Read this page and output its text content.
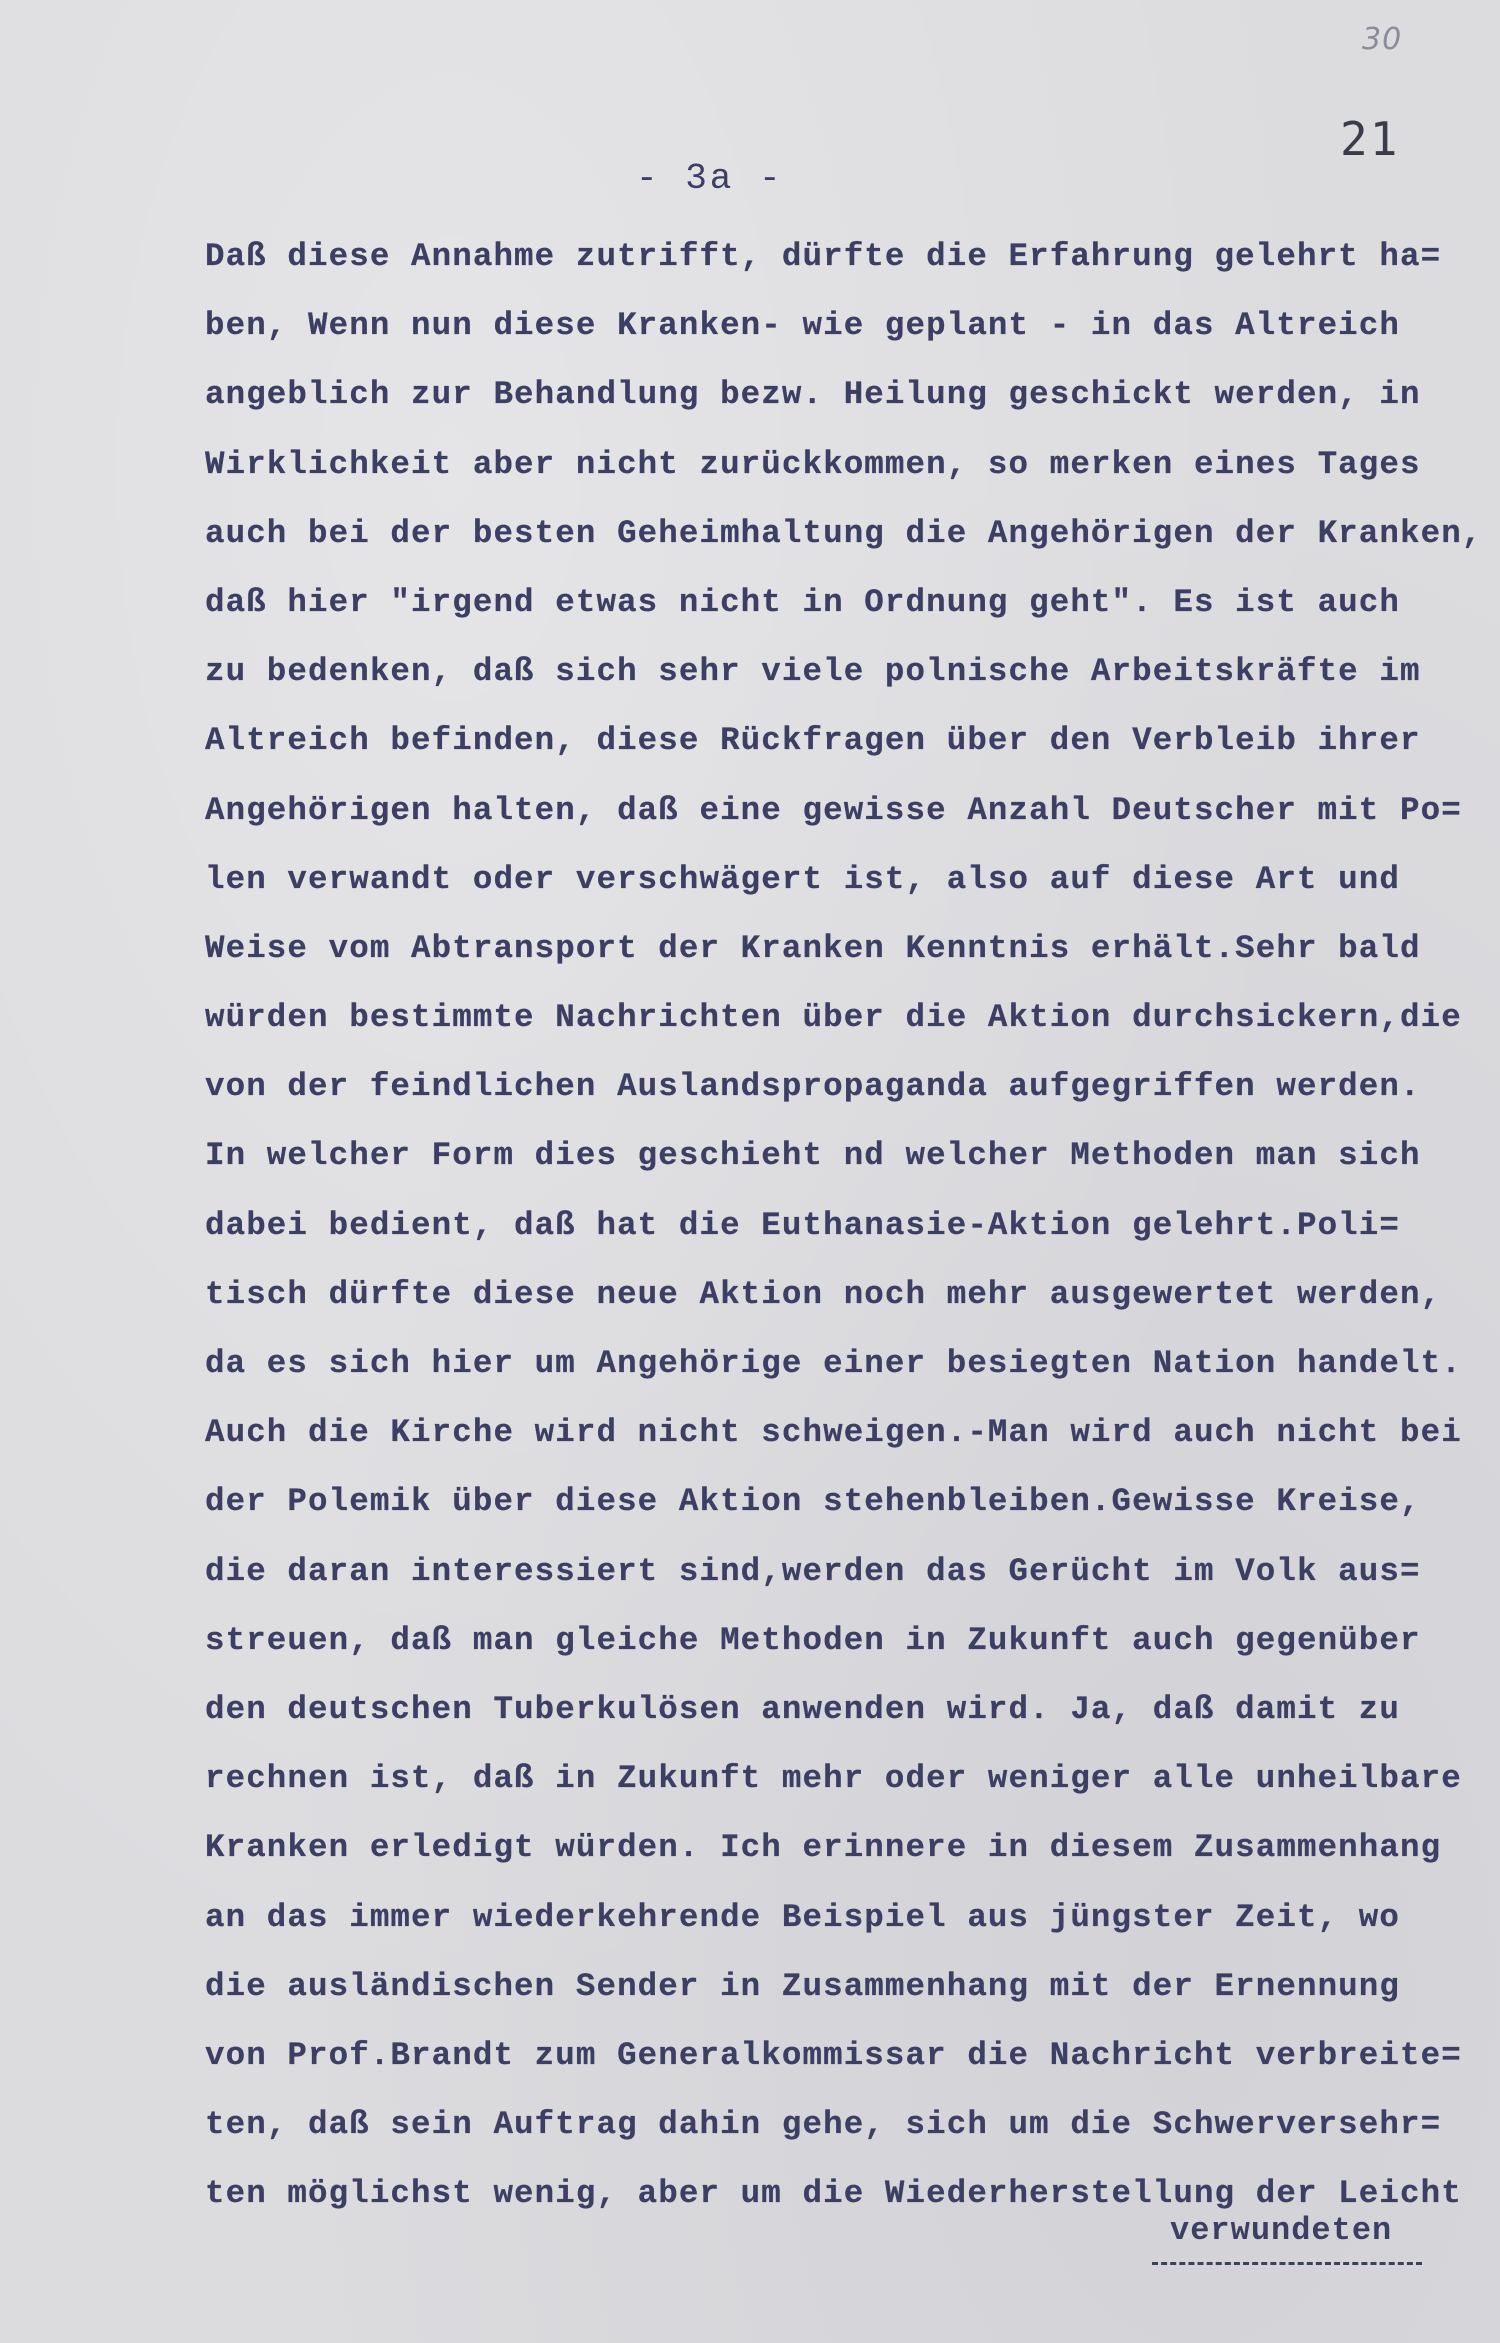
30
21
- 3a -
Daß diese Annahme zutrifft, dürfte die Erfahrung gelehrt ha=
ben, Wenn nun diese Kranken- wie geplant - in das Altreich
angeblich zur Behandlung bezw. Heilung geschickt werden, in
Wirklichkeit aber nicht zurückkommen, so merken eines Tages
auch bei der besten Geheimhaltung die Angehörigen der Kranken,
daß hier "irgend etwas nicht in Ordnung geht". Es ist auch
zu bedenken, daß sich sehr viele polnische Arbeitskräfte im
Altreich befinden, diese Rückfragen über den Verbleib ihrer
Angehörigen halten, daß eine gewisse Anzahl Deutscher mit Po=
len verwandt oder verschwägert ist, also auf diese Art und
Weise vom Abtransport der Kranken Kenntnis erhält.Sehr bald
würden bestimmte Nachrichten über die Aktion durchsickern,die
von der feindlichen Auslandspropaganda aufgegriffen werden.
In welcher Form dies geschieht nd welcher Methoden man sich
dabei bedient, daß hat die Euthanasie-Aktion gelehrt.Poli=
tisch dürfte diese neue Aktion noch mehr ausgewertet werden,
da es sich hier um Angehörige einer besiegten Nation handelt.
Auch die Kirche wird nicht schweigen.-Man wird auch nicht bei
der Polemik über diese Aktion stehenbleiben.Gewisse Kreise,
die daran interessiert sind,werden das Gerücht im Volk aus=
streuen, daß man gleiche Methoden in Zukunft auch gegenüber
den deutschen Tuberkulösen anwenden wird. Ja, daß damit zu
rechnen ist, daß in Zukunft mehr oder weniger alle unheilbare
Kranken erledigt würden. Ich erinnere in diesem Zusammenhang
an das immer wiederkehrende Beispiel aus jüngster Zeit, wo
die ausländischen Sender in Zusammenhang mit der Ernennung
von Prof.Brandt zum Generalkommissar die Nachricht verbreite=
ten, daß sein Auftrag dahin gehe, sich um die Schwerversehr=
ten möglichst wenig, aber um die Wiederherstellung der Leicht
verwundeten
